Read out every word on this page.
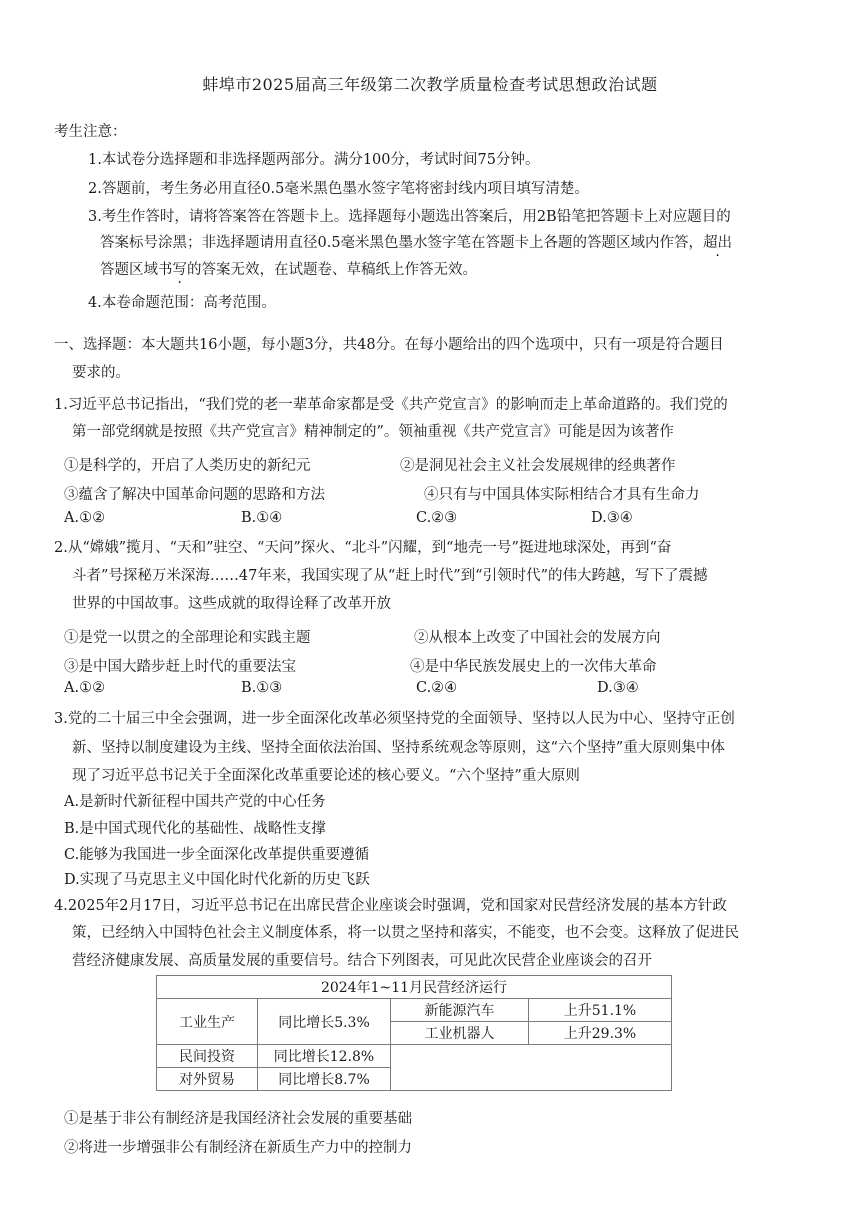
蚌埠市2025届高三年级第二次教学质量检查考试思想政治试题
考生注意：
1.本试卷分选择题和非选择题两部分。满分100分，考试时间75分钟。
2.答题前，考生务必用直径0.5毫米黑色墨水签字笔将密封线内项目填写清楚。
3.考生作答时，请将答案答在答题卡上。选择题每小题选出答案后，用2B铅笔把答题卡上对应题目的
答案标号涂黑；非选择题请用直径0.5毫米黑色墨水签字笔在答题卡上各题的答题区域内作答，超出
答题区域书写的答案无效 ·，在试题卷、草稿纸上作答无效。
4.本卷命题范围：高考范围。
一、选择题：本大题共16小题，每小题3分，共48分。在每小题给出的四个选项中，只有一项是符合题目
要求的。
1.习近平总书记指出，“我们党的老一辈革命家都是受《共产党宣言》的影响而走上革命道路的。我们党的
第一部党纲就是按照《共产党宣言》精神制定的”。领袖重视《共产党宣言》可能是因为该著作
①是科学的，开启了人类历史的新纪元	②是洞见社会主义社会发展规律的经典著作
③蕴含了解决中国革命问题的思路和方法	④只有与中国具体实际相结合才具有生命力
A.①②	B.①④	C.②③	D.③④
2.从“嫦娥”揽月、“天和”驻空、“天问”探火、“北斗”闪耀，到“地壳一号”挺进地球深处，再到“奋
斗者”号探秘万米深海……47年来，我国实现了从“赶上时代”到“引领时代”的伟大跨越，写下了震撼
世界的中国故事。这些成就的取得诠释了改革开放
①是党一以贯之的全部理论和实践主题	②从根本上改变了中国社会的发展方向
③是中国大踏步赶上时代的重要法宝	④是中华民族发展史上的一次伟大革命
A.①②	B.①③	C.②④	D.③④
3.党的二十届三中全会强调，进一步全面深化改革必须坚持党的全面领导、坚持以人民为中心、坚持守正创
新、坚持以制度建设为主线、坚持全面依法治国、坚持系统观念等原则，这“六个坚持”重大原则集中体
现了习近平总书记关于全面深化改革重要论述的核心要义。“六个坚持”重大原则
A.是新时代新征程中国共产党的中心任务
B.是中国式现代化的基础性、战略性支撑
C.能够为我国进一步全面深化改革提供重要遵循
D.实现了马克思主义中国化时代化新的历史飞跃
4.2025年2月17日，习近平总书记在出席民营企业座谈会时强调，党和国家对民营经济发展的基本方针政
策，已经纳入中国特色社会主义制度体系，将一以贯之坚持和落实，不能变，也不会变。这释放了促进民
营经济健康发展、高质量发展的重要信号。结合下列图表，可见此次民营企业座谈会的召开
2024年1~11月民营经济运行			
工业生产	同比增长5.3%	新能源汽车	上升51.1%
		工业机器人	上升29.3%
民间投资	同比增长12.8%		
对外贸易	同比增长8.7%		
①是基于非公有制经济是我国经济社会发展的重要基础
②将进一步增强非公有制经济在新质生产力中的控制力
